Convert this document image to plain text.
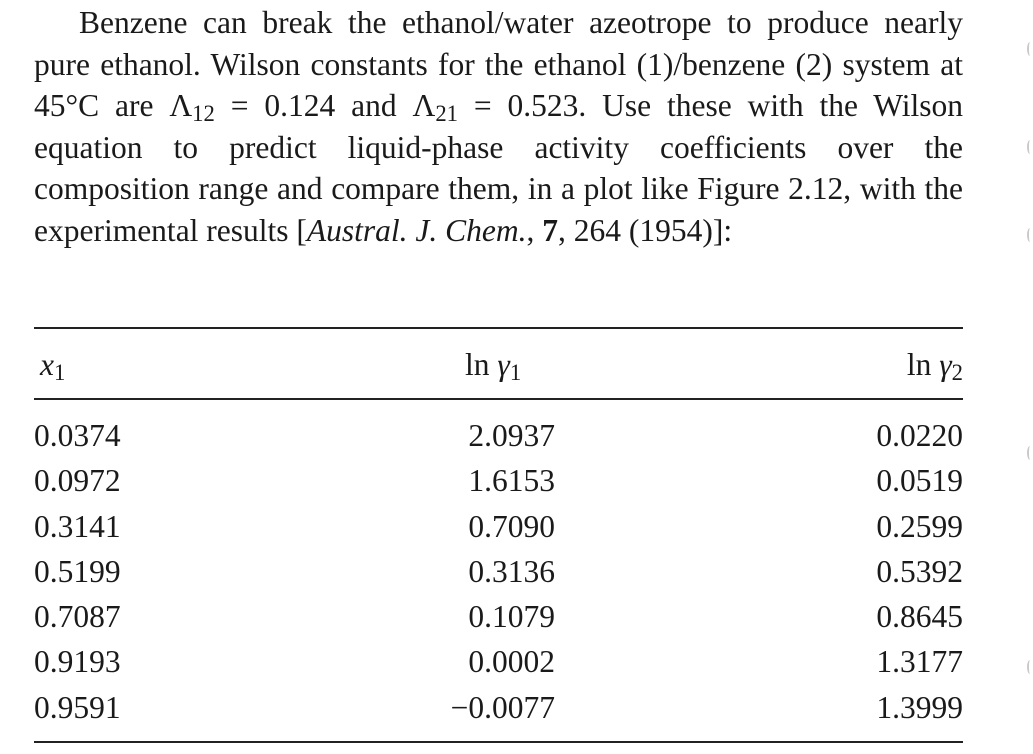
Benzene can break the ethanol/water azeotrope to produce nearly pure ethanol. Wilson constants for the ethanol (1)/benzene (2) system at 45°C are $\Lambda_{12} = 0.124$ and $\Lambda_{21} = 0.523$. Use these with the Wilson equation to predict liquid-phase activity coefficients over the composition range and compare them, in a plot like Figure 2.12, with the experimental results [Austral. J. Chem., 7, 264 (1954)]:

$x_1$	$\ln \gamma_1$	$\ln \gamma_2$
0.0374	2.0937	0.0220
0.0972	1.6153	0.0519
0.3141	0.7090	0.2599
0.5199	0.3136	0.5392
0.7087	0.1079	0.8645
0.9193	0.0002	1.3177
0.9591	−0.0077	1.3999
